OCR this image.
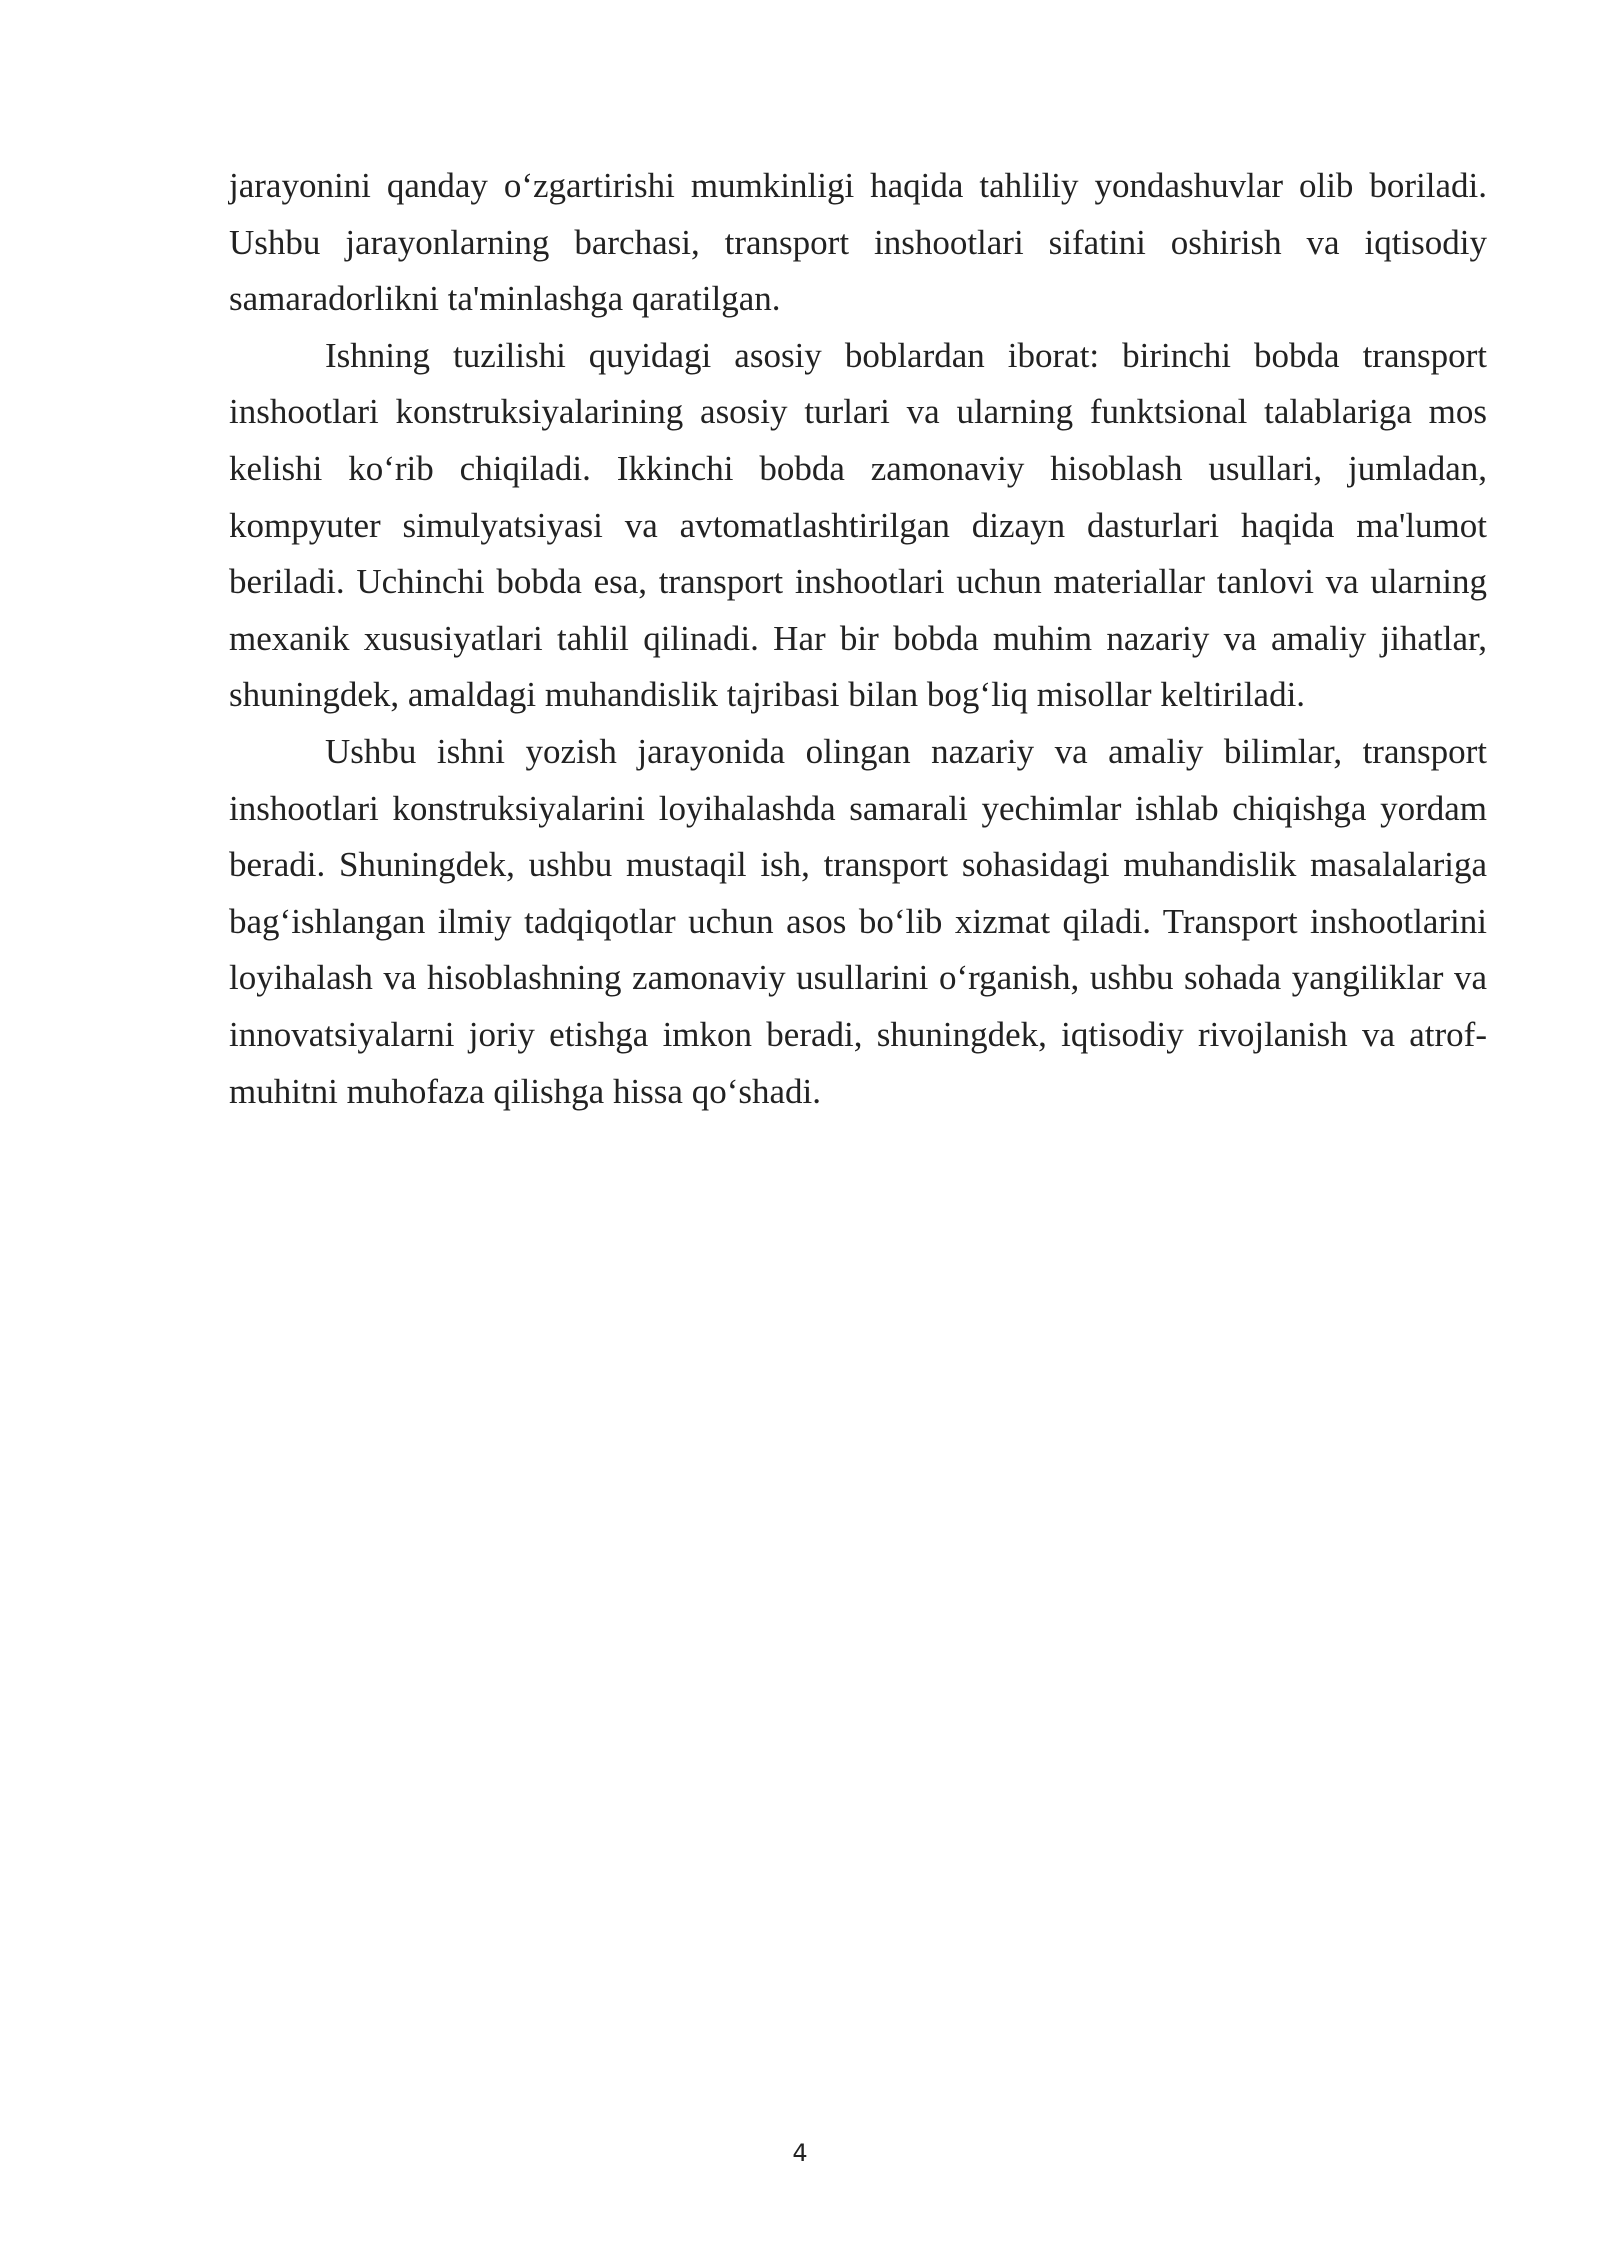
jarayonini qanday o‘zgartirishi mumkinligi haqida tahliliy yondashuvlar olib boriladi. Ushbu jarayonlarning barchasi, transport inshootlari sifatini oshirish va iqtisodiy samaradorlikni ta'minlashga qaratilgan.

Ishning tuzilishi quyidagi asosiy boblardan iborat: birinchi bobda transport inshootlari konstruksiyalarining asosiy turlari va ularning funktsional talablariga mos kelishi ko‘rib chiqiladi. Ikkinchi bobda zamonaviy hisoblash usullari, jumladan, kompyuter simulyatsiyasi va avtomatlashtirilgan dizayn dasturlari haqida ma'lumot beriladi. Uchinchi bobda esa, transport inshootlari uchun materiallar tanlovi va ularning mexanik xususiyatlari tahlil qilinadi. Har bir bobda muhim nazariy va amaliy jihatlar, shuningdek, amaldagi muhandislik tajribasi bilan bog‘liq misollar keltiriladi.

Ushbu ishni yozish jarayonida olingan nazariy va amaliy bilimlar, transport inshootlari konstruksiyalarini loyihalashda samarali yechimlar ishlab chiqishga yordam beradi. Shuningdek, ushbu mustaqil ish, transport sohasidagi muhandislik masalalariga bag‘ishlangan ilmiy tadqiqotlar uchun asos bo‘lib xizmat qiladi. Transport inshootlarini loyihalash va hisoblashning zamonaviy usullarini o‘rganish, ushbu sohada yangiliklar va innovatsiyalarni joriy etishga imkon beradi, shuningdek, iqtisodiy rivojlanish va atrof-muhitni muhofaza qilishga hissa qo‘shadi.

4
